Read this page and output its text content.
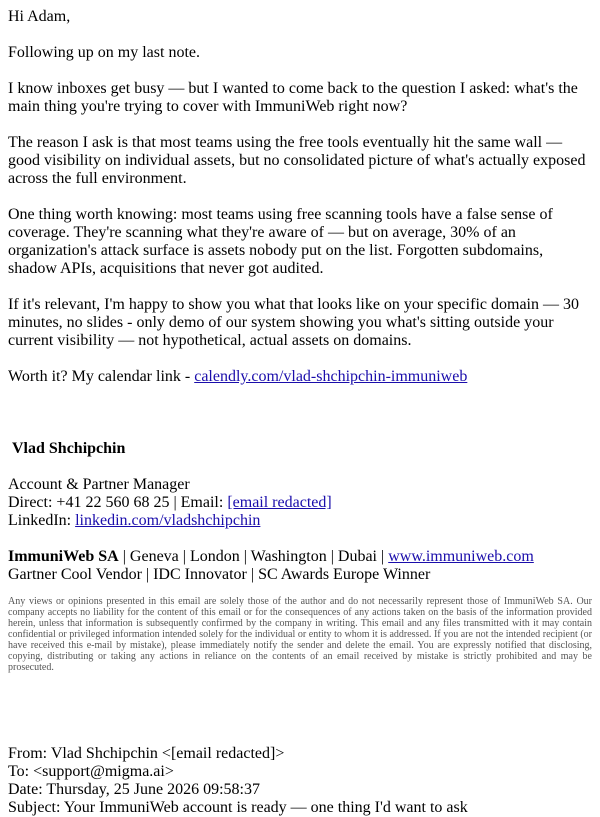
Hi Adam,

Following up on my last note.

I know inboxes get busy — but I wanted to come back to the question I asked: what's the main thing you're trying to cover with ImmuniWeb right now?

The reason I ask is that most teams using the free tools eventually hit the same wall — good visibility on individual assets, but no consolidated picture of what's actually exposed across the full environment.

One thing worth knowing: most teams using free scanning tools have a false sense of coverage. They're scanning what they're aware of — but on average, 30% of an organization's attack surface is assets nobody put on the list. Forgotten subdomains, shadow APIs, acquisitions that never got audited.

If it's relevant, I'm happy to show you what that looks like on your specific domain — 30 minutes, no slides - only demo of our system showing you what's sitting outside your current visibility — not hypothetical, actual assets on domains.

Worth it? My calendar link - calendly.com/vlad-shchipchin-immuniweb

Vlad Shchipchin

Account & Partner Manager

Direct: +41 22 560 68 25 | Email: [email redacted]

LinkedIn: linkedin.com/vladshchipchin

ImmuniWeb SA | Geneva | London | Washington | Dubai | www.immuniweb.com

Gartner Cool Vendor | IDC Innovator | SC Awards Europe Winner

Any views or opinions presented in this email are solely those of the author and do not necessarily represent those of ImmuniWeb SA. Our company accepts no liability for the content of this email or for the consequences of any actions taken on the basis of the information provided herein, unless that information is subsequently confirmed by the company in writing. This email and any files transmitted with it may contain confidential or privileged information intended solely for the individual or entity to whom it is addressed. If you are not the intended recipient (or have received this e-mail by mistake), please immediately notify the sender and delete the email. You are expressly notified that disclosing, copying, distributing or taking any actions in reliance on the contents of an email received by mistake is strictly prohibited and may be prosecuted.

From: Vlad Shchipchin <[email redacted]>

To: <support@migma.ai>

Date: Thursday, 25 June 2026 09:58:37

Subject: Your ImmuniWeb account is ready — one thing I'd want to ask
